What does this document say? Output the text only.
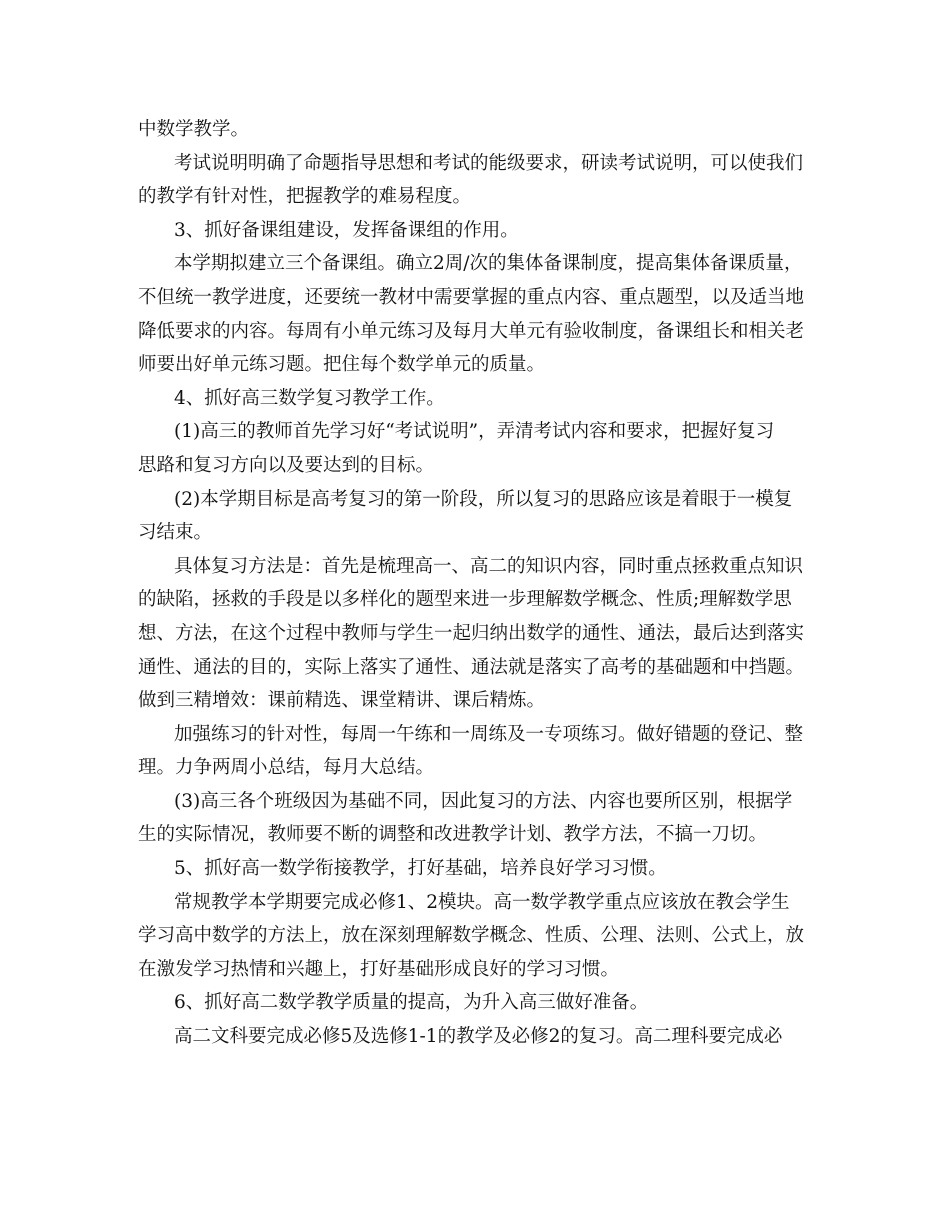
中数学教学。
考试说明明确了命题指导思想和考试的能级要求，研读考试说明，可以使我们
的教学有针对性，把握教学的难易程度。
3、抓好备课组建设，发挥备课组的作用。
本学期拟建立三个备课组。确立2周/次的集体备课制度，提高集体备课质量，
不但统一教学进度，还要统一教材中需要掌握的重点内容、重点题型，以及适当地
降低要求的内容。每周有小单元练习及每月大单元有验收制度，备课组长和相关老
师要出好单元练习题。把住每个数学单元的质量。
4、抓好高三数学复习教学工作。
(1)高三的教师首先学习好“考试说明”，弄清考试内容和要求，把握好复习
思路和复习方向以及要达到的目标。
(2)本学期目标是高考复习的第一阶段，所以复习的思路应该是着眼于一模复
习结束。
具体复习方法是：首先是梳理高一、高二的知识内容，同时重点拯救重点知识
的缺陷，拯救的手段是以多样化的题型来进一步理解数学概念、性质;理解数学思
想、方法，在这个过程中教师与学生一起归纳出数学的通性、通法，最后达到落实
通性、通法的目的，实际上落实了通性、通法就是落实了高考的基础题和中挡题。
做到三精增效：课前精选、课堂精讲、课后精炼。
加强练习的针对性，每周一午练和一周练及一专项练习。做好错题的登记、整
理。力争两周小总结，每月大总结。
(3)高三各个班级因为基础不同，因此复习的方法、内容也要所区别，根据学
生的实际情况，教师要不断的调整和改进教学计划、教学方法，不搞一刀切。
5、抓好高一数学衔接教学，打好基础，培养良好学习习惯。
常规教学本学期要完成必修1、2模块。高一数学教学重点应该放在教会学生
学习高中数学的方法上，放在深刻理解数学概念、性质、公理、法则、公式上，放
在激发学习热情和兴趣上，打好基础形成良好的学习习惯。
6、抓好高二数学教学质量的提高，为升入高三做好准备。
高二文科要完成必修5及选修1-1的教学及必修2的复习。高二理科要完成必
